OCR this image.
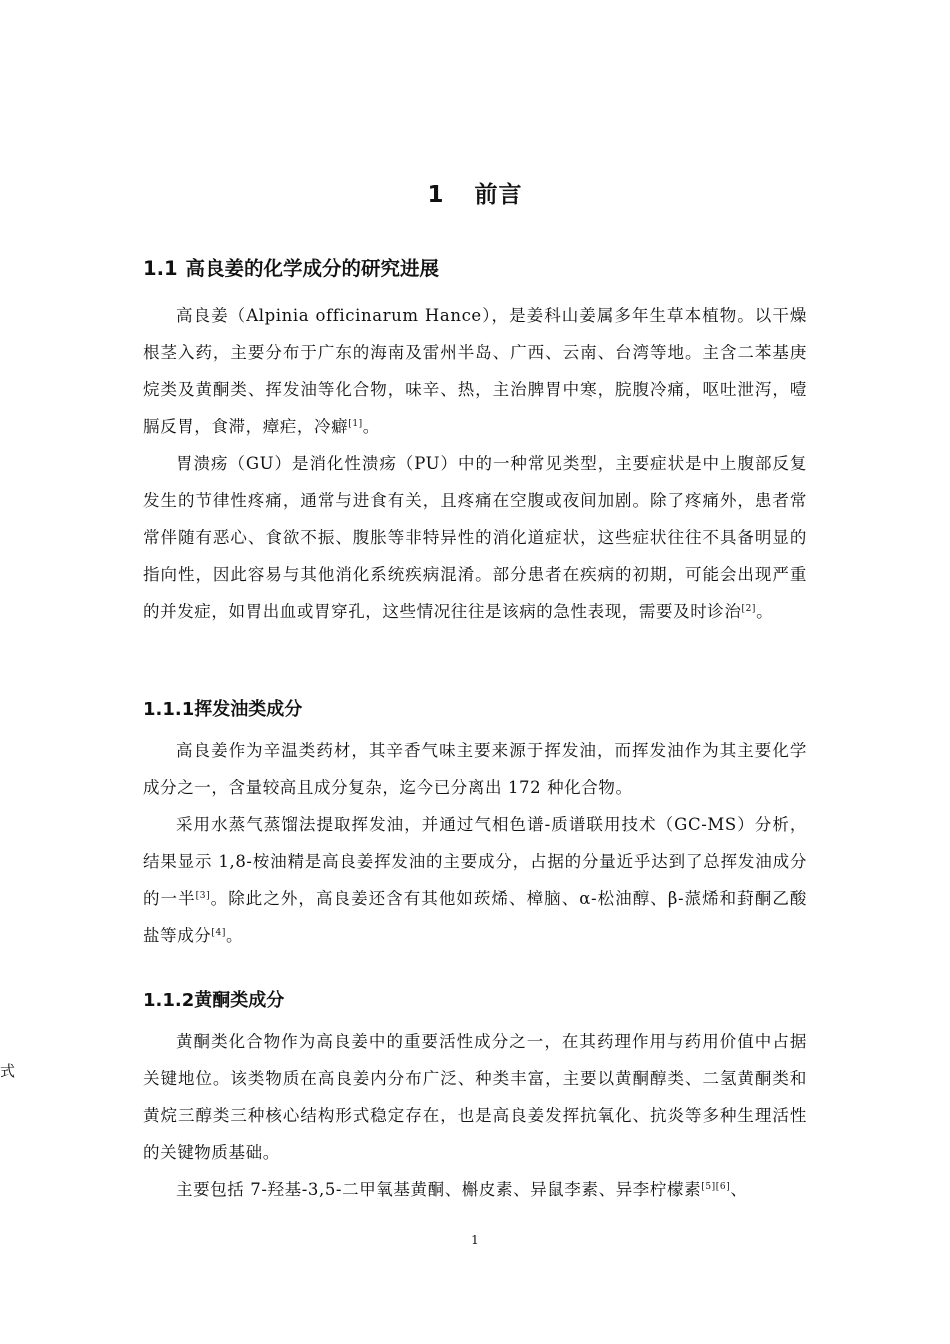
1 前言
1.1 高良姜的化学成分的研究进展

高良姜（Alpinia officinarum Hance），是姜科山姜属多年生草本植物。以干燥根茎入药，主要分布于广东的海南及雷州半岛、广西、云南、台湾等地。主含二苯基庚烷类及黄酮类、挥发油等化合物，味辛、热，主治脾胃中寒，脘腹冷痛，呕吐泄泻，噎膈反胃，食滞，瘴疟，冷癖[1]。

胃溃疡（GU）是消化性溃疡（PU）中的一种常见类型，主要症状是中上腹部反复发生的节律性疼痛，通常与进食有关，且疼痛在空腹或夜间加剧。除了疼痛外，患者常常伴随有恶心、食欲不振、腹胀等非特异性的消化道症状，这些症状往往不具备明显的指向性，因此容易与其他消化系统疾病混淆。部分患者在疾病的初期，可能会出现严重的并发症，如胃出血或胃穿孔，这些情况往往是该病的急性表现，需要及时诊治[2]。

1.1.1挥发油类成分

高良姜作为辛温类药材，其辛香气味主要来源于挥发油，而挥发油作为其主要化学成分之一，含量较高且成分复杂，迄今已分离出 172 种化合物。

采用水蒸气蒸馏法提取挥发油，并通过气相色谱-质谱联用技术（GC-MS）分析，结果显示 1,8-桉油精是高良姜挥发油的主要成分，占据的分量近乎达到了总挥发油成分的一半[3]。除此之外，高良姜还含有其他如莰烯、樟脑、α-松油醇、β-蒎烯和葑酮乙酸盐等成分[4]。

1.1.2黄酮类成分

黄酮类化合物作为高良姜中的重要活性成分之一，在其药理作用与药用价值中占据关键地位。该类物质在高良姜内分布广泛、种类丰富，主要以黄酮醇类、二氢黄酮类和黄烷三醇类三种核心结构形式稳定存在，也是高良姜发挥抗氧化、抗炎等多种生理活性的关键物质基础。

主要包括 7-羟基-3,5-二甲氧基黄酮、槲皮素、异鼠李素、异李柠檬素[5][6]、

式
1
